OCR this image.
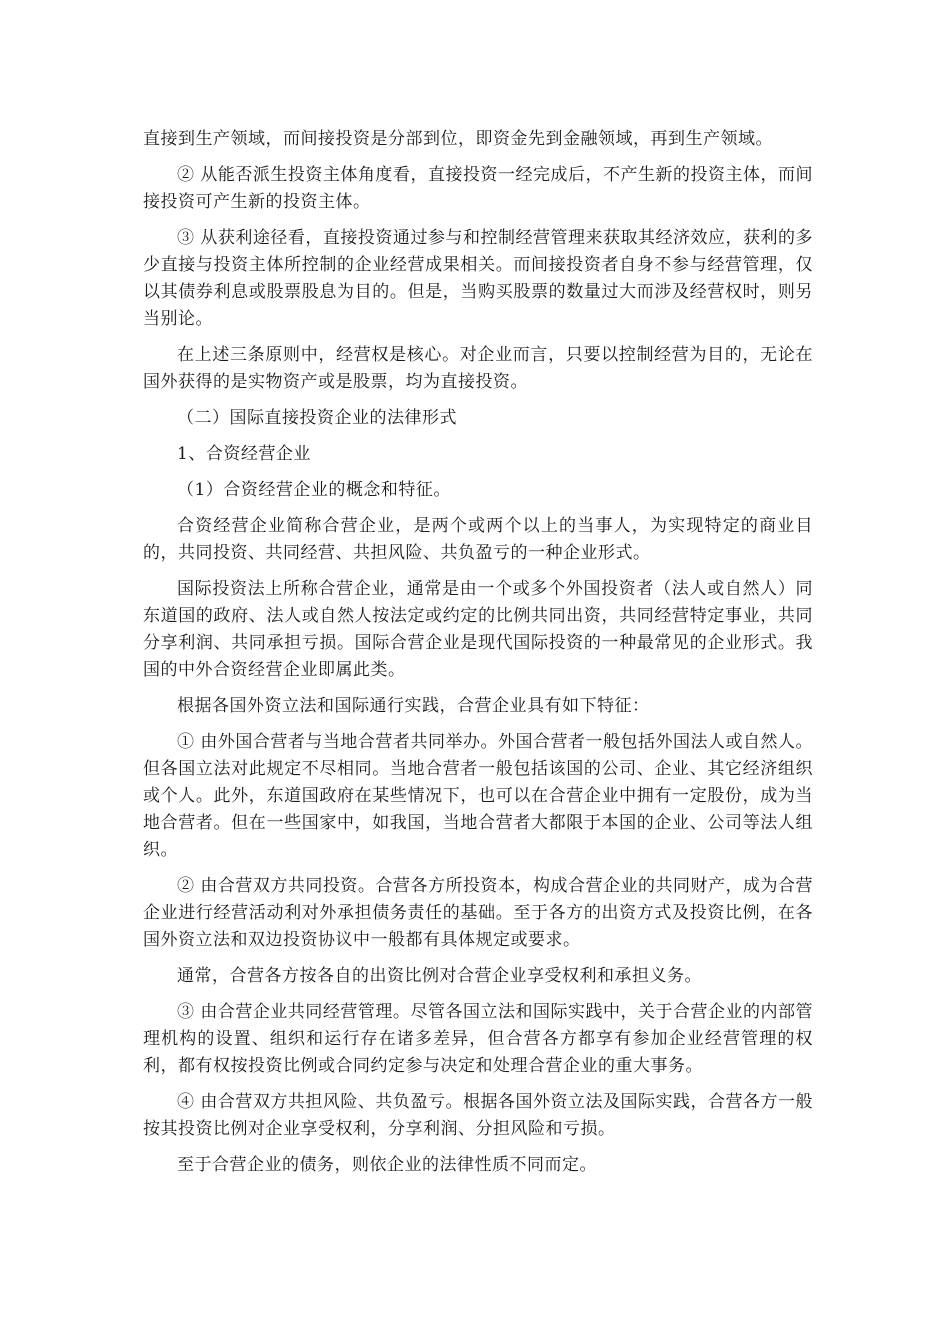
直接到生产领域，而间接投资是分部到位，即资金先到金融领域，再到生产领域。

② 从能否派生投资主体角度看，直接投资一经完成后，不产生新的投资主体，而间接投资可产生新的投资主体。

③ 从获利途径看，直接投资通过参与和控制经营管理来获取其经济效应，获利的多少直接与投资主体所控制的企业经营成果相关。而间接投资者自身不参与经营管理，仅以其债券利息或股票股息为目的。但是，当购买股票的数量过大而涉及经营权时，则另当别论。

在上述三条原则中，经营权是核心。对企业而言，只要以控制经营为目的，无论在国外获得的是实物资产或是股票，均为直接投资。

（二）国际直接投资企业的法律形式

1、合资经营企业

（1）合资经营企业的概念和特征。

合资经营企业简称合营企业，是两个或两个以上的当事人，为实现特定的商业目的，共同投资、共同经营、共担风险、共负盈亏的一种企业形式。

国际投资法上所称合营企业，通常是由一个或多个外国投资者（法人或自然人）同东道国的政府、法人或自然人按法定或约定的比例共同出资，共同经营特定事业，共同分享利润、共同承担亏损。国际合营企业是现代国际投资的一种最常见的企业形式。我国的中外合资经营企业即属此类。

根据各国外资立法和国际通行实践，合营企业具有如下特征：

① 由外国合营者与当地合营者共同举办。外国合营者一般包括外国法人或自然人。但各国立法对此规定不尽相同。当地合营者一般包括该国的公司、企业、其它经济组织或个人。此外，东道国政府在某些情况下，也可以在合营企业中拥有一定股份，成为当地合营者。但在一些国家中，如我国，当地合营者大都限于本国的企业、公司等法人组织。

② 由合营双方共同投资。合营各方所投资本，构成合营企业的共同财产，成为合营企业进行经营活动利对外承担债务责任的基础。至于各方的出资方式及投资比例，在各国外资立法和双边投资协议中一般都有具体规定或要求。

通常，合营各方按各自的出资比例对合营企业享受权利和承担义务。

③ 由合营企业共同经营管理。尽管各国立法和国际实践中，关于合营企业的内部管理机构的设置、组织和运行存在诸多差异，但合营各方都享有参加企业经营管理的权利，都有权按投资比例或合同约定参与决定和处理合营企业的重大事务。

④ 由合营双方共担风险、共负盈亏。根据各国外资立法及国际实践，合营各方一般按其投资比例对企业享受权利，分享利润、分担风险和亏损。

至于合营企业的债务，则依企业的法律性质不同而定。
